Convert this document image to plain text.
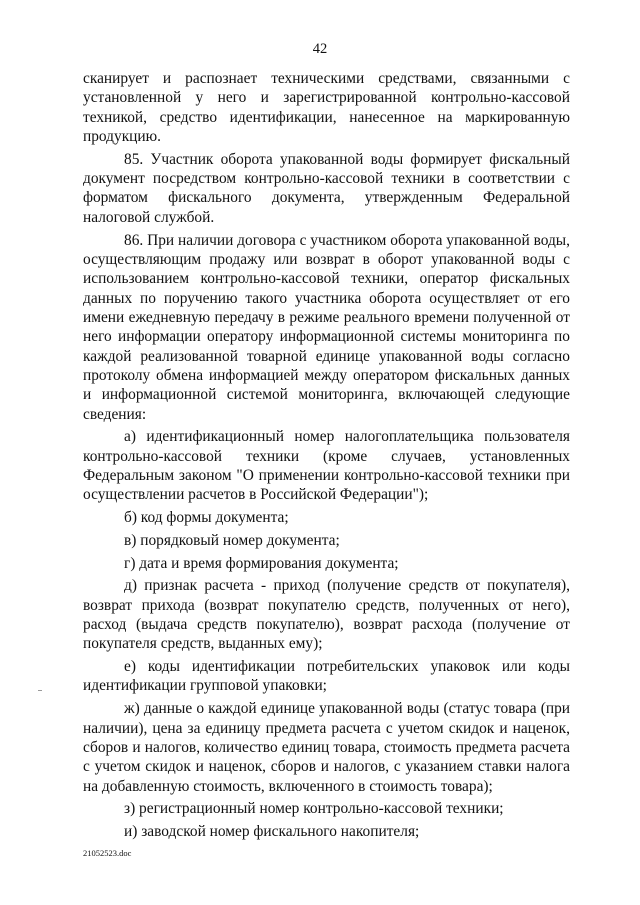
42

сканирует и распознает техническими средствами, связанными с установленной у него и зарегистрированной контрольно-кассовой техникой, средство идентификации, нанесенное на маркированную продукцию.

85. Участник оборота упакованной воды формирует фискальный документ посредством контрольно-кассовой техники в соответствии с форматом фискального документа, утвержденным Федеральной налоговой службой.

86. При наличии договора с участником оборота упакованной воды, осуществляющим продажу или возврат в оборот упакованной воды с использованием контрольно-кассовой техники, оператор фискальных данных по поручению такого участника оборота осуществляет от его имени ежедневную передачу в режиме реального времени полученной от него информации оператору информационной системы мониторинга по каждой реализованной товарной единице упакованной воды согласно протоколу обмена информацией между оператором фискальных данных и информационной системой мониторинга, включающей следующие сведения:

а) идентификационный номер налогоплательщика пользователя контрольно-кассовой техники (кроме случаев, установленных Федеральным законом "О применении контрольно-кассовой техники при осуществлении расчетов в Российской Федерации");

б) код формы документа;

в) порядковый номер документа;

г) дата и время формирования документа;

д) признак расчета - приход (получение средств от покупателя), возврат прихода (возврат покупателю средств, полученных от него), расход (выдача средств покупателю), возврат расхода (получение от покупателя средств, выданных ему);

е) коды идентификации потребительских упаковок или коды идентификации групповой упаковки;

ж) данные о каждой единице упакованной воды (статус товара (при наличии), цена за единицу предмета расчета с учетом скидок и наценок, сборов и налогов, количество единиц товара, стоимость предмета расчета с учетом скидок и наценок, сборов и налогов, с указанием ставки налога на добавленную стоимость, включенного в стоимость товара);

з) регистрационный номер контрольно-кассовой техники;

и) заводской номер фискального накопителя;

21052523.doc
